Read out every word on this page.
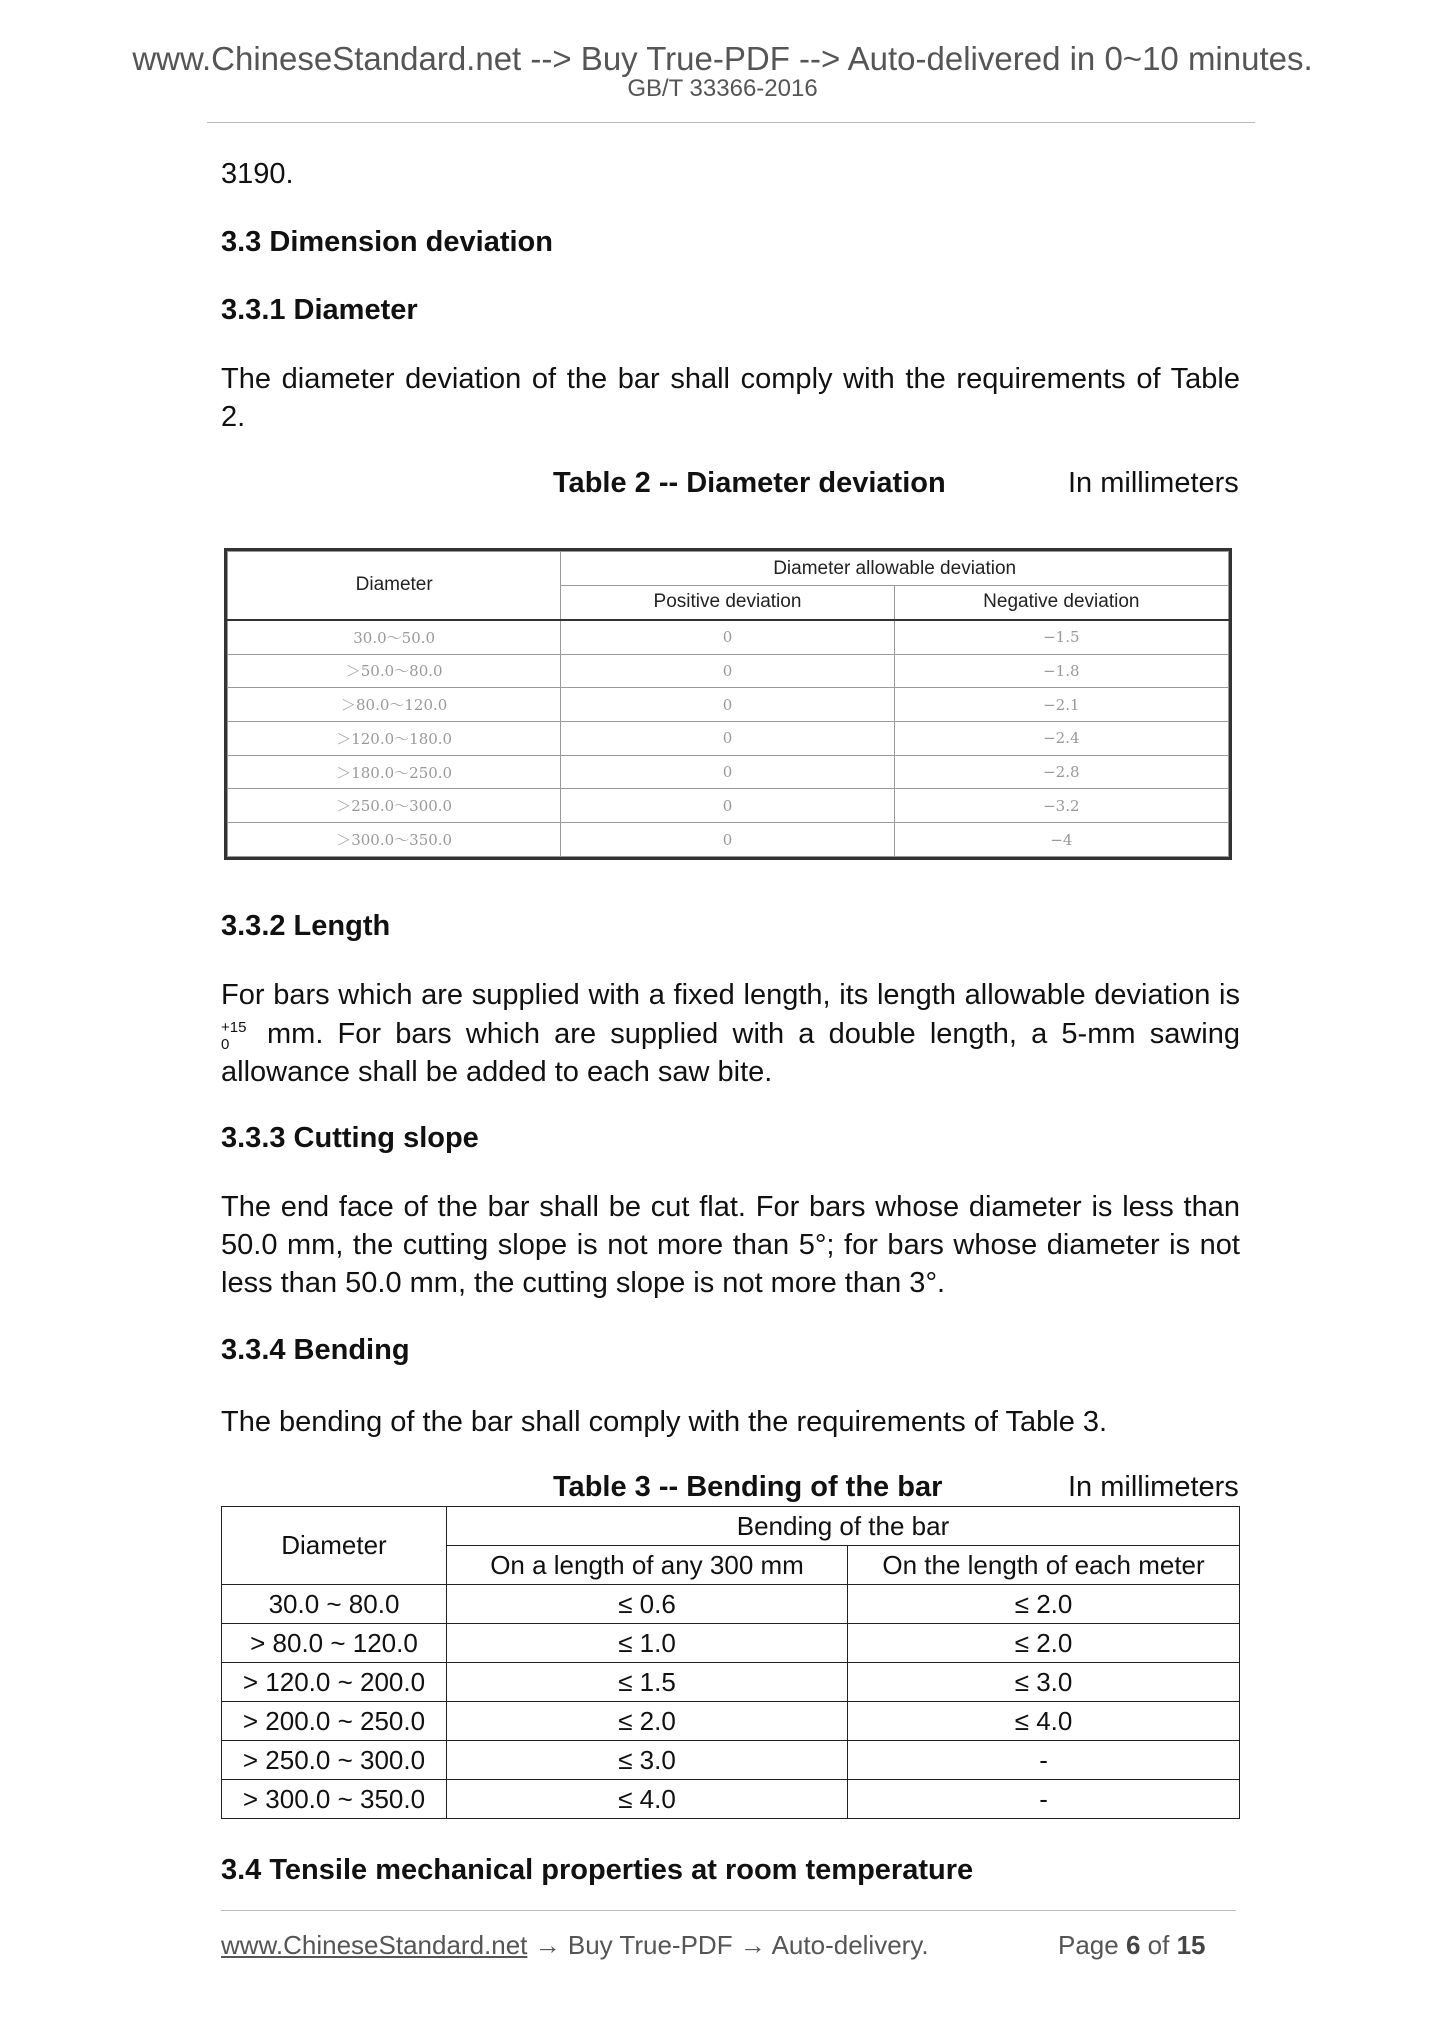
www.ChineseStandard.net --> Buy True-PDF --> Auto-delivered in 0~10 minutes.
GB/T 33366-2016
3190.
3.3 Dimension deviation
3.3.1 Diameter
The diameter deviation of the bar shall comply with the requirements of Table 2.
Table 2 -- Diameter deviation	In millimeters
Diameter	Diameter allowable deviation	
	Positive deviation	Negative deviation
30.0～50.0	0	−1.5
＞50.0～80.0	0	−1.8
＞80.0～120.0	0	−2.1
＞120.0～180.0	0	−2.4
＞180.0～250.0	0	−2.8
＞250.0～300.0	0	−3.2
＞300.0～350.0	0	−4
3.3.2 Length
For bars which are supplied with a fixed length, its length allowable deviation is
+15
0 mm. For bars which are supplied with a double length, a 5-mm sawing
allowance shall be added to each saw bite.
3.3.3 Cutting slope
The end face of the bar shall be cut flat. For bars whose diameter is less than 50.0 mm, the cutting slope is not more than 5°; for bars whose diameter is not less than 50.0 mm, the cutting slope is not more than 3°.
3.3.4 Bending
The bending of the bar shall comply with the requirements of Table 3.
Table 3 -- Bending of the bar	In millimeters
Diameter	Bending of the bar	
	On a length of any 300 mm	On the length of each meter
30.0 ~ 80.0	≤ 0.6	≤ 2.0
> 80.0 ~ 120.0	≤ 1.0	≤ 2.0
> 120.0 ~ 200.0	≤ 1.5	≤ 3.0
> 200.0 ~ 250.0	≤ 2.0	≤ 4.0
> 250.0 ~ 300.0	≤ 3.0	-
> 300.0 ~ 350.0	≤ 4.0	-
3.4 Tensile mechanical properties at room temperature
www.ChineseStandard.net → Buy True-PDF → Auto-delivery.	Page 6 of 15
